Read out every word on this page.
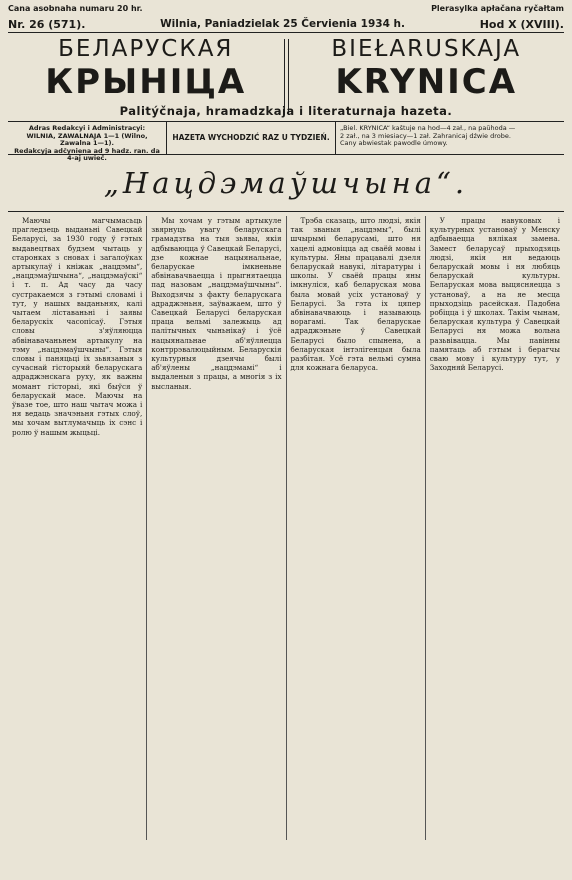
Cana asobnaha numaru 20 hr.	Plerasylka apłačana ryčałtam
Nr. 26 (571).	Wilnia, Paniadzielak 25 Červienia 1934 h.	Hod X (XVIII).
БЕЛАРУСКАЯ
КРЫНІЦА
BIEŁARUSKAJA
KRYNICA
Palitýčnaja, hramadzkaja i literaturnaja hazeta.
Adras Redakcyi i Administracyi:
WILNIA, ZAWALNAJA 1—1 (Wilno, Zawalna 1—1).
Redakcyja adčynienа ad 9 hadz. ran. da 4-aj uwieč.
HAZETA WYCHODZIĆ RAZ U TYDZIEŃ.
„Biel. KRYNICA“ kaštuje na hod—4 zał., na paŭhoda —
2 zał., na 3 miesiacy—1 zał. Zahranicaj dźwie drobe.
Cany abwiestak pawodle úmowy.
„Нацдэмаўшчына“.

Маючы магчымасьць прагледзець выданьні Савецкай Беларусі, за 1930 году ў гэтых выдавецтвах будзем чытаць у старонках з сновах і загалоўках артыкулаў і кніжак „нацдэмы“, „нацдэмаўшчына“, „нацдэмаўскі“ і т. п. Ад часу да часу сустракаемся з гэтымі словамі і тут, у нашых выданьнях, калі чытаем ліставаньні і заявы беларускіх часопісаў. Гэтыя словы з'яўляюцца абвінавачаньнем артыкулу на тэму „нацдэмаўшчыны“. Гэтыя словы і паняцьці іх зьвязаныя з сучаснай гісторыяй беларускага адраджэнскага руху, як важны момант гісторыі, які быўся ў беларускай масе. Маючы на ўвазе тое, што наш чытач можа і ня ведаць значэньня гэтых слоў, мы хочам вытлумачыць іх сэнс і ролю ў нашым жыцьці.

Мы хочам у гэтым артыкуле звярнуць увагу беларускага грамадзтва на тыя зьявы, якія адбываюцца ў Савецкай Беларусі, дзе кожнае нацыянальнае, беларускае імкненьне абвінавачваецца і прыгнятаецца пад назовам „нацдэмаўшчыны“. Выходзячы з факту беларускага адраджэньня, заўважаем, што ў Савецкай Беларусі беларуская праца вельмі залежыць ад палітычных чыньнікаў і ўсё нацыянальнае аб'яўляецца контррэвалюцыйным. Беларускія культурныя дзеячы былі аб'яўлены „нацдэмамі“ і выдаленыя з працы, а многія з іх высланыя.

Трэба сказаць, што людзі, якія так званыя „нацдэмы“, былі шчырымі беларусамі, што ня хацелі адмовіцца ад сваёй мовы і культуры. Яны працавалі дзеля беларускай навукі, літаратуры і школы. У сваёй працы яны імкнуліся, каб беларуская мова была мовай усіх установаў у Беларусі. За гэта іх цяпер абвінавачваюць і называюць ворагамі. Так беларускае адраджэньне ў Савецкай Беларусі было спынена, а беларуская інтэлігенцыя была разбітая. Усё гэта вельмі сумна для кожнага беларуса.

У працы навуковых і культурных установаў у Менску адбываецца вялікая зьмена. Замест беларусаў прыходзяць людзі, якія ня ведаюць беларускай мовы і ня любяць беларускай культуры. Беларуская мова выцясняецца з установаў, а на яе месца прыходзіць расейская. Падобна робіцца і ў школах. Такім чынам, беларуская культура ў Савецкай Беларусі ня можа вольна разьвівацца. Мы павінны памятаць аб гэтым і берагчы сваю мову і культуру тут, у Заходняй Беларусі.
